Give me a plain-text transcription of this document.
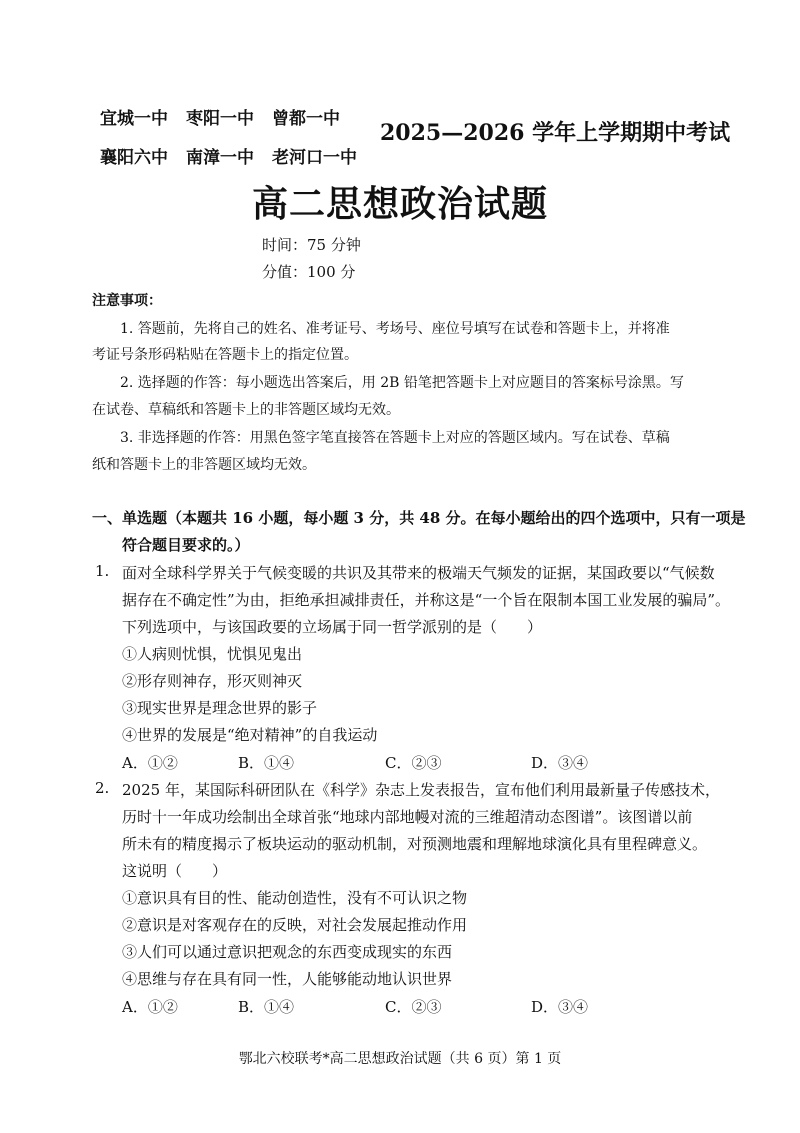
宜城一中 枣阳一中 曾都一中
襄阳六中 南漳一中 老河口一中
2025—2026 学年上学期期中考试
高二思想政治试题
时间：75 分钟
分值：100 分
注意事项：
1. 答题前，先将自己的姓名、准考证号、考场号、座位号填写在试卷和答题卡上，并将准
考证号条形码粘贴在答题卡上的指定位置。
2. 选择题的作答：每小题选出答案后，用 2B 铅笔把答题卡上对应题目的答案标号涂黑。写
在试卷、草稿纸和答题卡上的非答题区域均无效。
3. 非选择题的作答：用黑色签字笔直接答在答题卡上对应的答题区域内。写在试卷、草稿
纸和答题卡上的非答题区域均无效。
一、单选题（本题共 16 小题，每小题 3 分，共 48 分。在每小题给出的四个选项中，只有一项是
符合题目要求的。）
1. 面对全球科学界关于气候变暖的共识及其带来的极端天气频发的证据，某国政要以“气候数
据存在不确定性”为由，拒绝承担减排责任，并称这是“一个旨在限制本国工业发展的骗局”。
下列选项中，与该国政要的立场属于同一哲学派别的是（　　）
①人病则忧惧，忧惧见鬼出
②形存则神存，形灭则神灭
③现实世界是理念世界的影子
④世界的发展是“绝对精神”的自我运动
A．①②	B．①④	C．②③	D．③④
2. 2025 年，某国际科研团队在《科学》杂志上发表报告，宣布他们利用最新量子传感技术，
历时十一年成功绘制出全球首张“地球内部地幔对流的三维超清动态图谱”。该图谱以前
所未有的精度揭示了板块运动的驱动机制，对预测地震和理解地球演化具有里程碑意义。
这说明（　　）
①意识具有目的性、能动创造性，没有不可认识之物
②意识是对客观存在的反映，对社会发展起推动作用
③人们可以通过意识把观念的东西变成现实的东西
④思维与存在具有同一性，人能够能动地认识世界
A．①②	B．①④	C．②③	D．③④
鄂北六校联考*高二思想政治试题（共 6 页）第 1 页
